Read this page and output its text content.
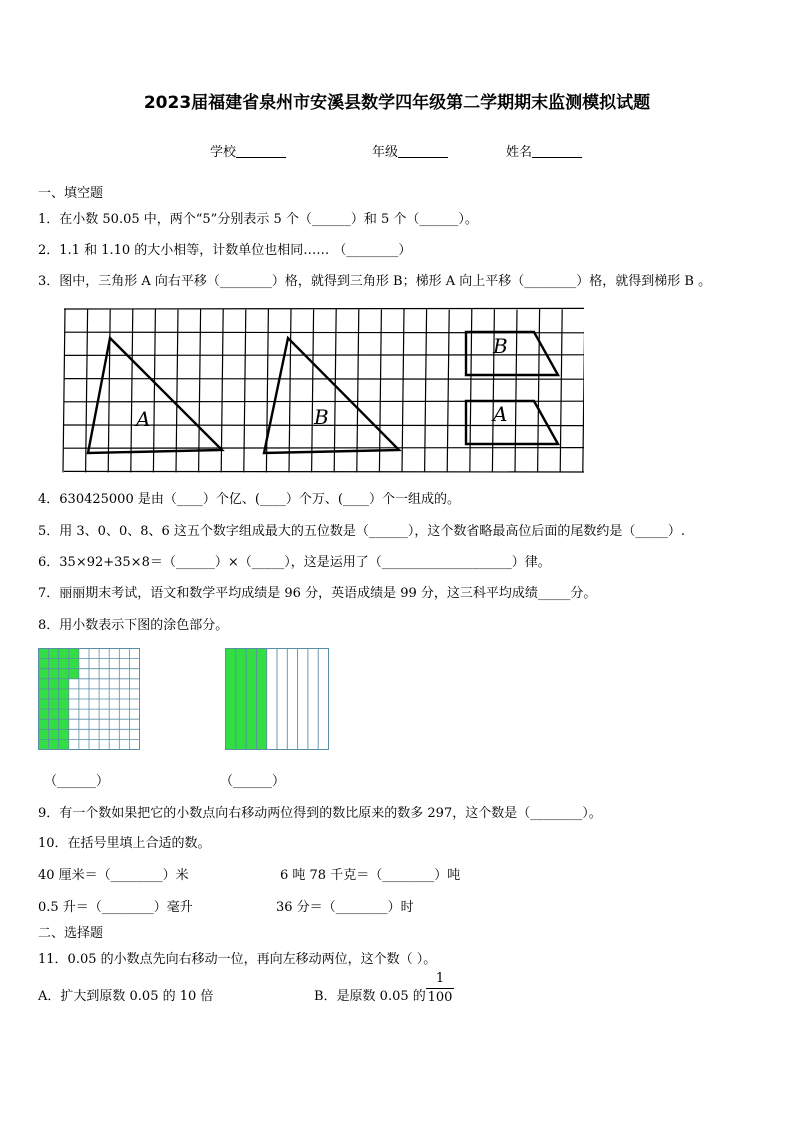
2023届福建省泉州市安溪县数学四年级第二学期期末监测模拟试题
学校	年级	姓名
一、填空题
1．在小数 50.05 中，两个“5”分别表示 5 个（______）和 5 个（______）。
2．1.1 和 1.10 的大小相等，计数单位也相同…… （________）
3．图中，三角形 A 向右平移（________）格，就得到三角形 B；梯形 A 向上平移（________）格，就得到梯形 B 。
A	B
B
A
4．630425000 是由（____）个亿、(____）个万、(____）个一组成的。
5．用 3、0、0、8、6 这五个数字组成最大的五位数是（______），这个数省略最高位后面的尾数约是（_____）.
6．35×92+35×8＝（______）×（_____），这是运用了（____________________）律。
7．丽丽期末考试，语文和数学平均成绩是 96 分，英语成绩是 99 分，这三科平均成绩_____分。
8．用小数表示下图的涂色部分。
（______）	（______）
9．有一个数如果把它的小数点向右移动两位得到的数比原来的数多 297，这个数是（________）。
10．在括号里填上合适的数。
40 厘米＝（________）米	6 吨 78 千克＝（________）吨
0.5 升＝（________）毫升	36 分＝（________）时
二、选择题
11．0.05 的小数点先向右移动一位，再向左移动两位，这个数（ ）。
A．扩大到原数 0.05 的 10 倍	B．是原数 0.05 的 $\frac{1}{100}$
